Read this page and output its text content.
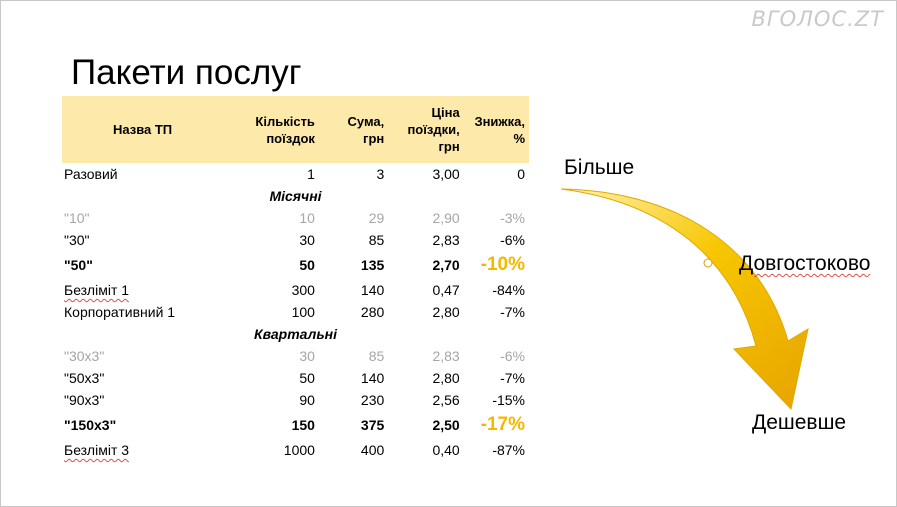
ВГОЛОС.ZT
Пакети послуг
Назва ТП	Кількість поїздок	Сума, грн	Ціна поїздки, грн	Знижка, %
Разовий	1	3	3,00	0
Місячні				
"10"	10	29	2,90	-3%
"30"	30	85	2,83	-6%
"50"	50	135	2,70	-10%
Безліміт 1	300	140	0,47	-84%
Корпоративний 1	100	280	2,80	-7%
Квартальні				
"30х3"	30	85	2,83	-6%
"50х3"	50	140	2,80	-7%
"90х3"	90	230	2,56	-15%
"150х3"	150	375	2,50	-17%
Безліміт 3	1000	400	0,40	-87%
Більше
Довгостоково
Дешевше
